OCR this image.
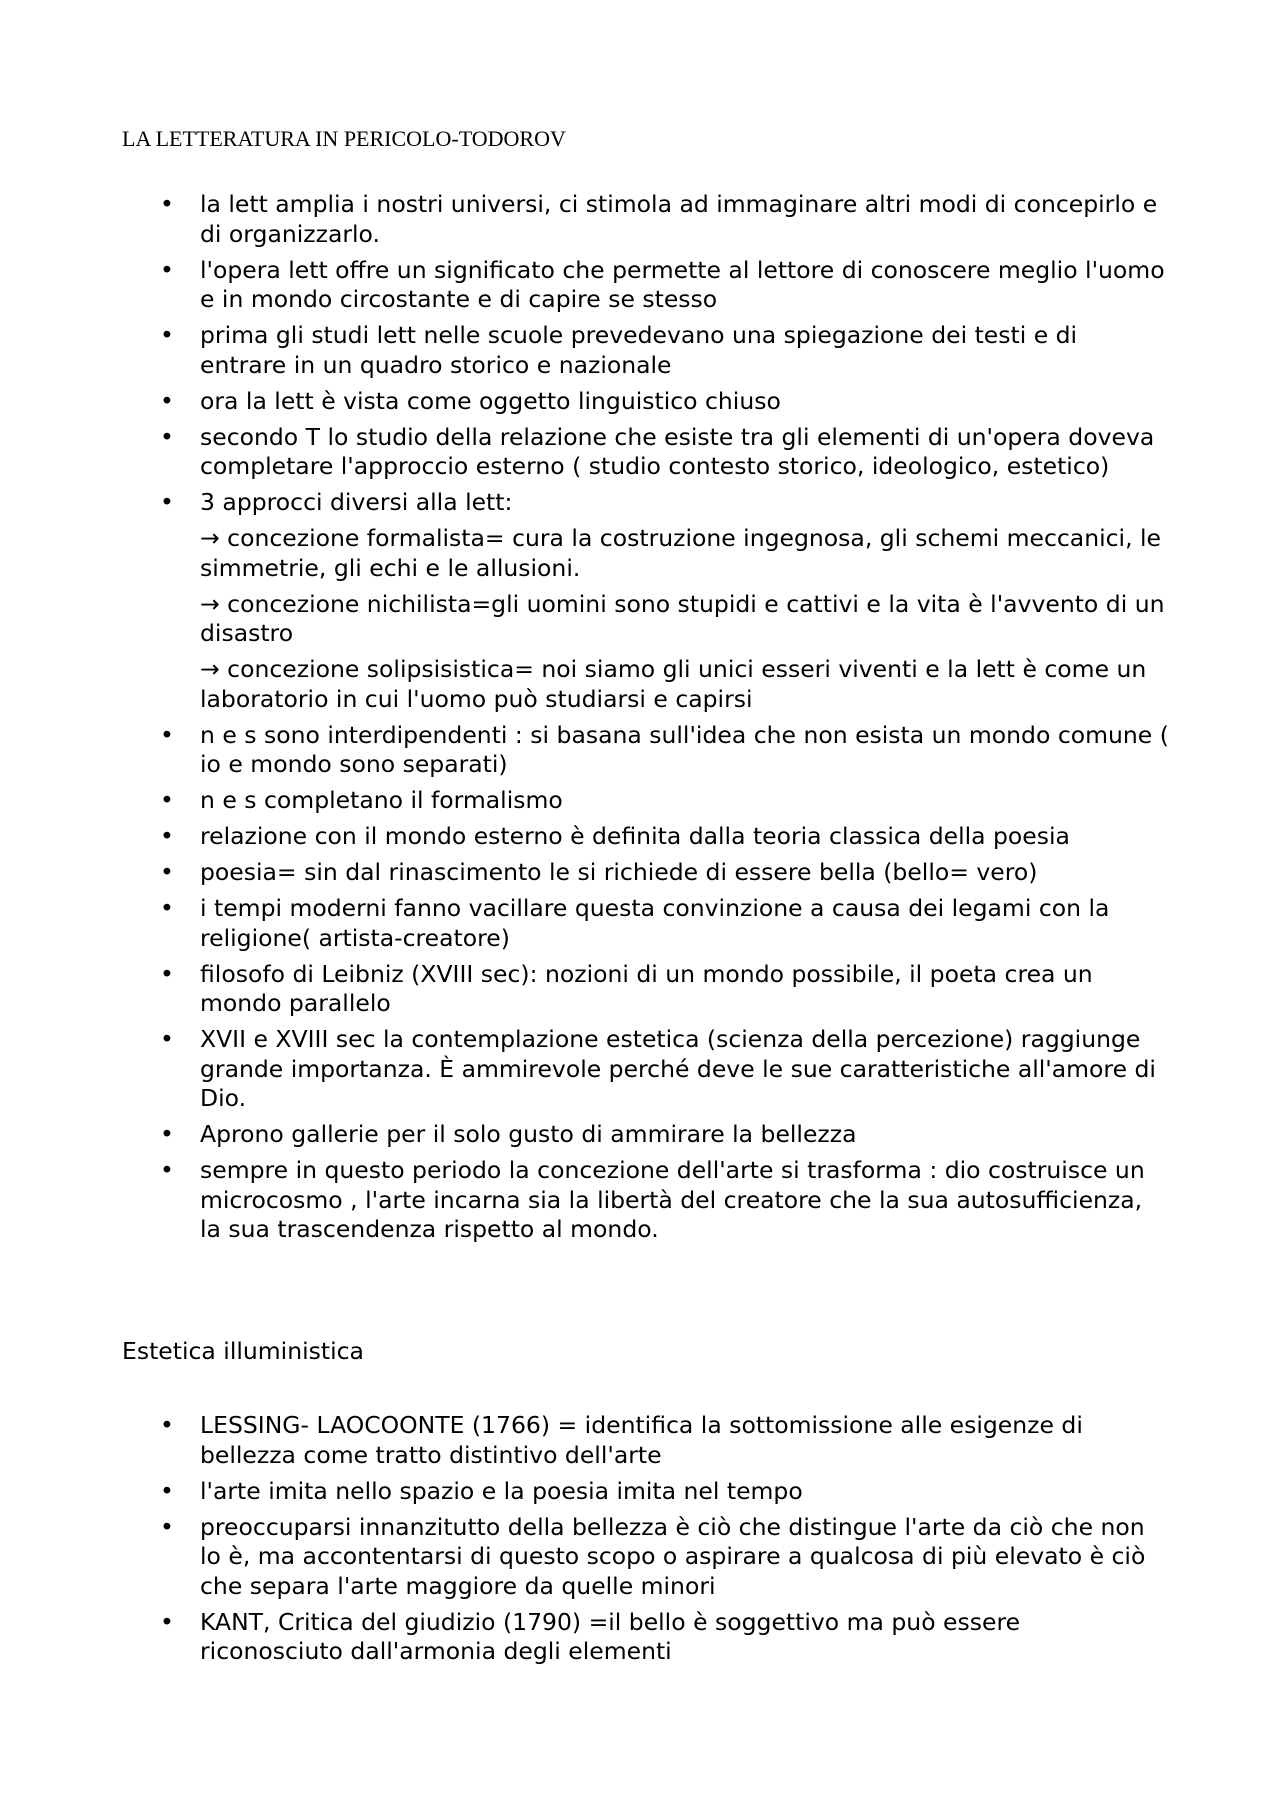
LA LETTERATURA IN PERICOLO-TODOROV
• la lett amplia i nostri universi, ci stimola ad immaginare altri modi di concepirlo e di organizzarlo.
• l'opera lett offre un significato che permette al lettore di conoscere meglio l'uomo e in mondo circostante e di capire se stesso
• prima gli studi lett nelle scuole prevedevano una spiegazione dei testi e di entrare in un quadro storico e nazionale
• ora la lett è vista come oggetto linguistico chiuso
• secondo T lo studio della relazione che esiste tra gli elementi di un'opera doveva completare l'approccio esterno ( studio contesto storico, ideologico, estetico)
• 3 approcci diversi alla lett:
→ concezione formalista= cura la costruzione ingegnosa, gli schemi meccanici, le simmetrie, gli echi e le allusioni.
→ concezione nichilista=gli uomini sono stupidi e cattivi e la vita è l'avvento di un disastro
→ concezione solipsisistica= noi siamo gli unici esseri viventi e la lett è come un laboratorio in cui l'uomo può studiarsi e capirsi
• n e s sono interdipendenti : si basana sull'idea che non esista un mondo comune ( io e mondo sono separati)
• n e s completano il formalismo
• relazione con il mondo esterno è definita dalla teoria classica della poesia
• poesia= sin dal rinascimento le si richiede di essere bella (bello= vero)
• i tempi moderni fanno vacillare questa convinzione a causa dei legami con la religione( artista-creatore)
• filosofo di Leibniz (XVIII sec): nozioni di un mondo possibile, il poeta crea un mondo parallelo
• XVII e XVIII sec la contemplazione estetica (scienza della percezione) raggiunge grande importanza. È ammirevole perché deve le sue caratteristiche all'amore di Dio.
• Aprono gallerie per il solo gusto di ammirare la bellezza
• sempre in questo periodo la concezione dell'arte si trasforma : dio costruisce un microcosmo , l'arte incarna sia la libertà del creatore che la sua autosufficienza, la sua trascendenza rispetto al mondo.
Estetica illuministica
• LESSING- LAOCOONTE (1766) = identifica la sottomissione alle esigenze di bellezza come tratto distintivo dell'arte
• l'arte imita nello spazio e la poesia imita nel tempo
• preoccuparsi innanzitutto della bellezza è ciò che distingue l'arte da ciò che non lo è, ma accontentarsi di questo scopo o aspirare a qualcosa di più elevato è ciò che separa l'arte maggiore da quelle minori
• KANT, Critica del giudizio (1790) =il bello è soggettivo ma può essere riconosciuto dall'armonia degli elementi
